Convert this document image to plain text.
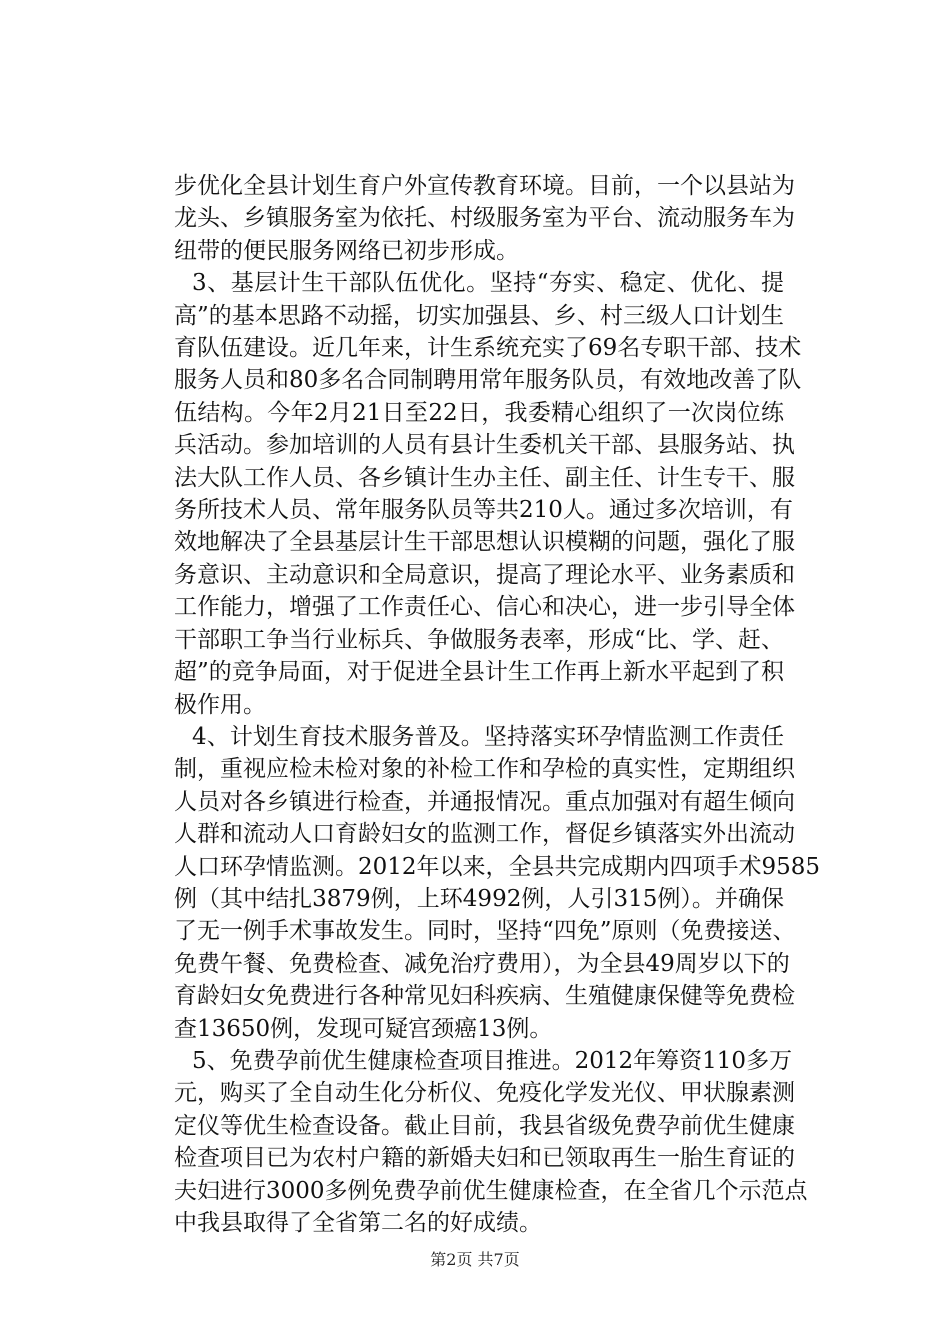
步优化全县计划生育户外宣传教育环境。目前，一个以县站为
龙头、乡镇服务室为依托、村级服务室为平台、流动服务车为
纽带的便民服务网络已初步形成。
3、基层计生干部队伍优化。坚持“夯实、稳定、优化、提
高”的基本思路不动摇，切实加强县、乡、村三级人口计划生
育队伍建设。近几年来，计生系统充实了69名专职干部、技术
服务人员和80多名合同制聘用常年服务队员，有效地改善了队
伍结构。今年2月21日至22日，我委精心组织了一次岗位练
兵活动。参加培训的人员有县计生委机关干部、县服务站、执
法大队工作人员、各乡镇计生办主任、副主任、计生专干、服
务所技术人员、常年服务队员等共210人。通过多次培训，有
效地解决了全县基层计生干部思想认识模糊的问题，强化了服
务意识、主动意识和全局意识，提高了理论水平、业务素质和
工作能力，增强了工作责任心、信心和决心，进一步引导全体
干部职工争当行业标兵、争做服务表率，形成“比、学、赶、
超”的竞争局面，对于促进全县计生工作再上新水平起到了积
极作用。
4、计划生育技术服务普及。坚持落实环孕情监测工作责任
制，重视应检未检对象的补检工作和孕检的真实性，定期组织
人员对各乡镇进行检查，并通报情况。重点加强对有超生倾向
人群和流动人口育龄妇女的监测工作，督促乡镇落实外出流动
人口环孕情监测。2012年以来，全县共完成期内四项手术9585
例（其中结扎3879例，上环4992例，人引315例）。并确保
了无一例手术事故发生。同时，坚持“四免”原则（免费接送、
免费午餐、免费检查、减免治疗费用），为全县49周岁以下的
育龄妇女免费进行各种常见妇科疾病、生殖健康保健等免费检
查13650例，发现可疑宫颈癌13例。
5、免费孕前优生健康检查项目推进。2012年筹资110多万
元，购买了全自动生化分析仪、免疫化学发光仪、甲状腺素测
定仪等优生检查设备。截止目前，我县省级免费孕前优生健康
检查项目已为农村户籍的新婚夫妇和已领取再生一胎生育证的
夫妇进行3000多例免费孕前优生健康检查，在全省几个示范点
中我县取得了全省第二名的好成绩。
第2页 共7页
